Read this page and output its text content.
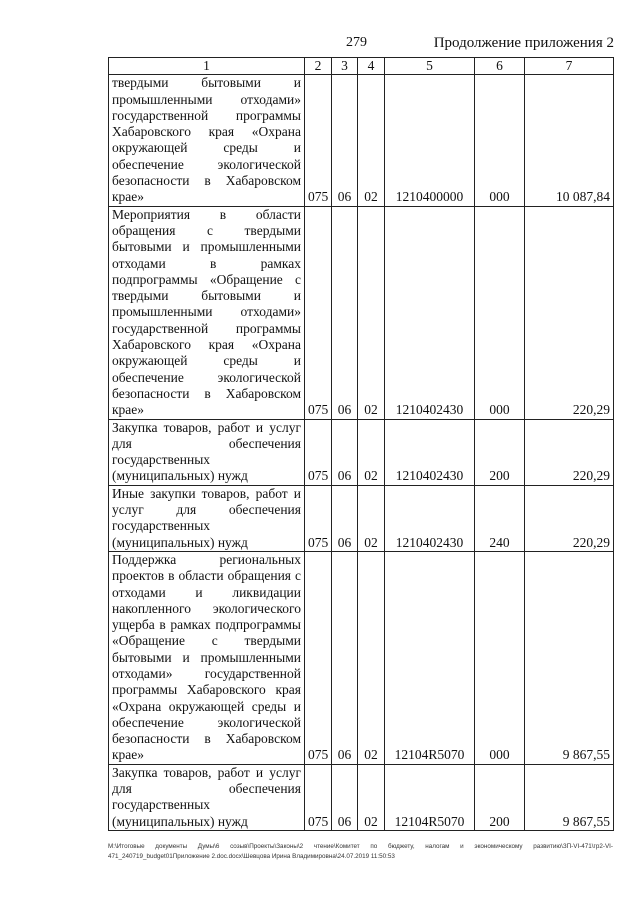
279	Продолжение приложения 2
1	2	3	4	5	6	7
твердыми бытовыми и промышленными отходами» государственной программы Хабаровского края «Охрана окружающей среды и обеспечение экологической безопасности в Хабаровском крае»	075	06	02	1210400000	000	10 087,84
Мероприятия в области обращения с твердыми бытовыми и промышленными отходами в рамках подпрограммы «Обращение с твердыми бытовыми и промышленными отходами» государственной программы Хабаровского края «Охрана окружающей среды и обеспечение экологической безопасности в Хабаровском крае»	075	06	02	1210402430	000	220,29
Закупка товаров, работ и услуг для обеспечения государственных (муниципальных) нужд	075	06	02	1210402430	200	220,29
Иные закупки товаров, работ и услуг для обеспечения государственных (муниципальных) нужд	075	06	02	1210402430	240	220,29
Поддержка региональных проектов в области обращения с отходами и ликвидации накопленного экологического ущерба в рамках подпрограммы «Обращение с твердыми бытовыми и промышленными отходами» государственной программы Хабаровского края «Охрана окружающей среды и обеспечение экологической безопасности в Хабаровском крае»	075	06	02	12104R5070	000	9 867,55
Закупка товаров, работ и услуг для обеспечения государственных (муниципальных) нужд	075	06	02	12104R5070	200	9 867,55
M:\Итоговые документы Думы\6 созыв\Проекты\Законы\2 чтение\Комитет по бюджету, налогам и экономическому развитию\ЗП-VI-471\гр2-VI-471_240719_budget01Приложение 2.doc.docx\Шевцова Ирина Владимировна\24.07.2019 11:50:53
